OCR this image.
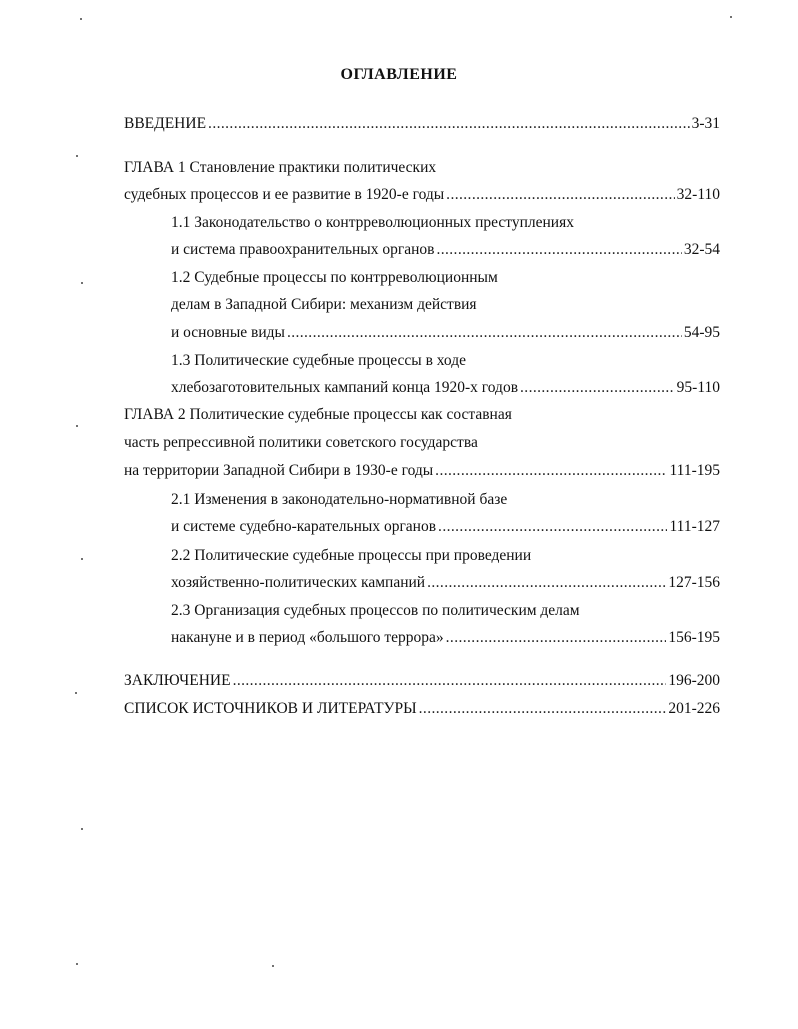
ОГЛАВЛЕНИЕ
ВВЕДЕНИЕ .....	3-31
ГЛАВА 1 Становление практики политических
судебных процессов и ее развитие в 1920-е годы .....	32-110
1.1 Законодательство о контрреволюционных преступлениях
и система правоохранительных органов .....	32-54
1.2 Судебные процессы по контрреволюционным
делам в Западной Сибири: механизм действия
и основные виды .....	54-95
1.3 Политические судебные процессы в ходе
хлебозаготовительных кампаний конца 1920-х годов .....	95-110
ГЛАВА 2 Политические судебные процессы как составная
часть репрессивной политики советского государства
на территории Западной Сибири в 1930-е годы .....	111-195
2.1 Изменения в законодательно-нормативной базе
и системе судебно-карательных органов .....	111-127
2.2 Политические судебные процессы при проведении
хозяйственно-политических кампаний .....	127-156
2.3 Организация судебных процессов по политическим делам
накануне и в период «большого террора» .....	156-195
ЗАКЛЮЧЕНИЕ .....	196-200
СПИСОК ИСТОЧНИКОВ И ЛИТЕРАТУРЫ .....	201-226
